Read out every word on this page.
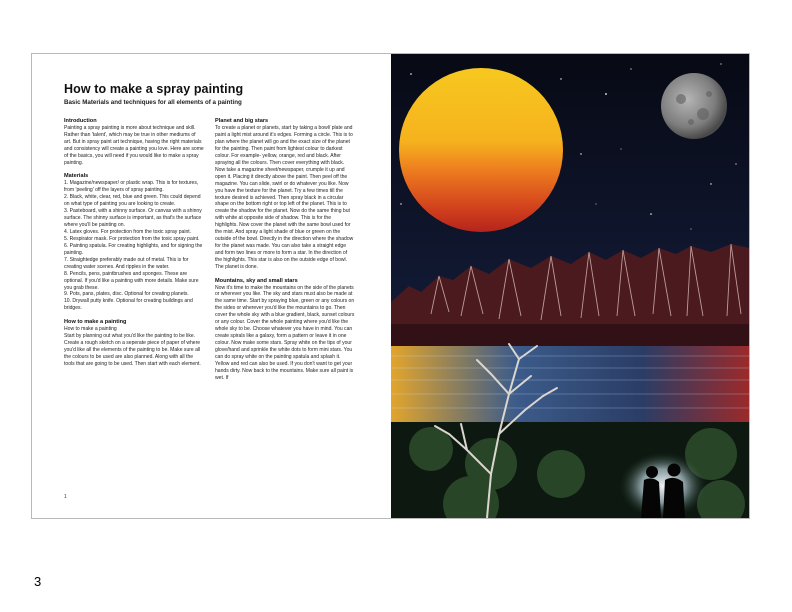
How to make a spray painting

Basic Materials and techniques for all elements of a painting

Introduction

Painting a spray painting is more about technique and skill. Rather than 'talent', which may be true in other mediums of art. But in spray paint art technique, having the right materials and consistency will create a painting you love. Here are some of the basics, you will need if you would like to make a spray painting.

Materials

1. Magazine/newspaper/ or plastic wrap. This is for textures, from 'peeling' off the layers of spray painting.

2. Black, white, clear, red, blue and green. This could depend on what type of painting you are looking to create.

3. Pasteboard, with a shinny surface. Or canvas with a shinny surface. The shinny surface is important, as that's the surface where you'll be painting on.

4. Latex gloves. For protection from the toxic spray paint.

5. Respirator mask. For protection from the toxic spray paint.

6. Painting spatula. For creating highlights, and for signing the painting.

7. Straightedge preferably made out of metal. This is for creating water scenes. And ripples in the water.

8. Pencils, pens, paintbrushes and sponges. These are optional. If you'd like a painting with more details. Make sure you grab these.

9. Pots, pans, plates, disc. Optional for creating planets.

10. Drywall putty knife. Optional for creating buildings and bridges.

How to make a painting

How to make a painting
Start by planning out what you'd like the painting to be like. Create a rough sketch on a seperate piece of paper of where you'd like all the elements of the painting to be. Make sure all the colours to be used are also planned. Along with all the tools that are going to be used. Then start with each element.

Planet and big stars

To create a planet or planets, start by taking a bowl/ plate and paint a light mist around it's edges. Forming a circle. This is to plan where the planet will go and the exact size of the planet for the painting. Then paint from lightest colour to darkest colour. For example- yellow, orange, red and black. After spraying all the colours. Then cover everything with black. Now take a magazine sheet/newspaper, crumple it up and open it. Placing it directly above the paint. Then peel off the magazine. You can slide, swirl or do whatever you like. Now you have the texture for the planet. Try a few times till the texture desired is achieved. Then spray black in a circular shape on the bottom right or top left of the planet. This is to create the shadow for the planet. Now do the same thing but with white at opposite side of shadow. This is for the highlights. Now cover the planet with the same bowl used for the mist. And spray a light shade of blue or green on the outside of the bowl. Directly in the direction where the shadow for the planet was made. You can also take a straight edge and form two lines or more to form a star. In the direction of the highlights. This star is also on the outside edge of bowl. The planet is done.

Mountains, sky and small stars

Now it's time to make the mountains on the side of the planets or wherever you like. The sky and stars must also be made at the same time. Start by spraying blue, green or any colours on the sides or wherever you'd like the mountains to go. Then cover the whole sky with a blue gradient, black, sunset colours or any colour. Cover the whole painting where you'd like the whole sky to be. Choose whatever you have in mind. You can create spirals like a galaxy, form a pattern or leave it in one colour. Now make some stars. Spray white on the tips of your glove/hand and sprinkle the white dots to form mini stars. You can do spray white on the painting spatula and splash it. Yellow and red can also be used. If you don't want to get your hands dirty. Now back to the mountains. Make sure all paint is wet. If

1
3
